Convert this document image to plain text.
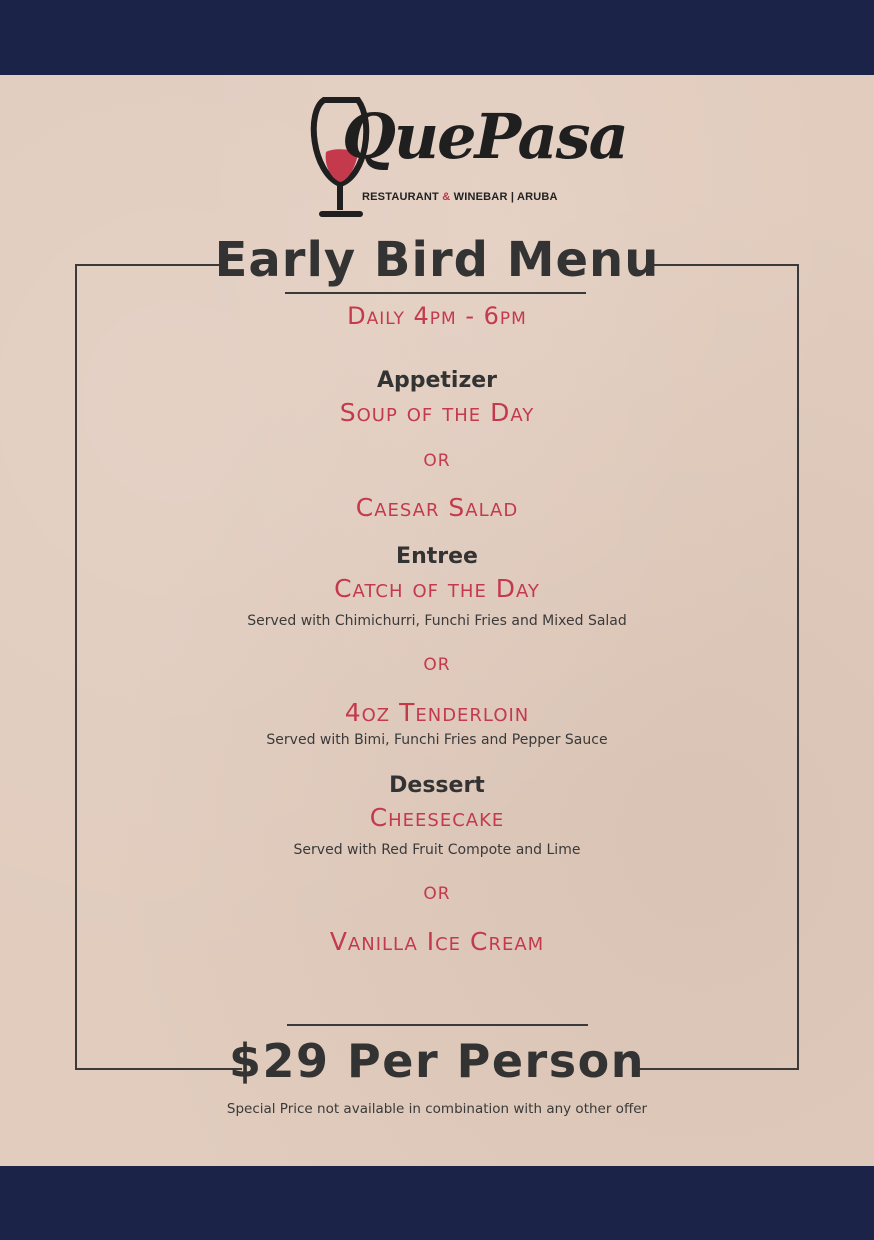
QuePasa
RESTAURANT & WINEBAR | ARUBA
Early Bird Menu
Daily 4pm - 6pm
Appetizer
Soup of the Day
or
Caesar Salad
Entree
Catch of the Day
Served with Chimichurri, Funchi Fries and Mixed Salad
or
4oz Tenderloin
Served with Bimi, Funchi Fries and Pepper Sauce
Dessert
Cheesecake
Served with Red Fruit Compote and Lime
or
Vanilla Ice Cream
$29 Per Person
Special Price not available in combination with any other offer
